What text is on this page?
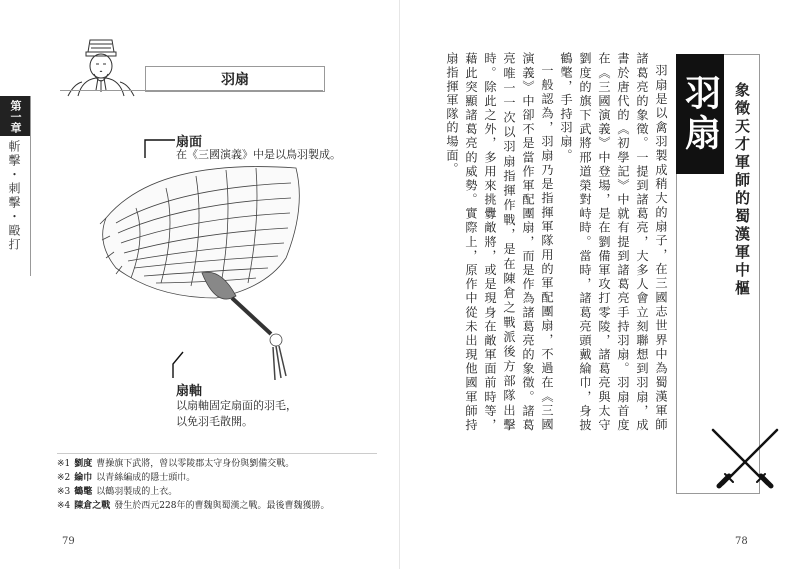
第一章
斬擊・刺擊・毆打
羽扇
扇面
在《三國演義》中是以鳥羽製成。
扇軸
以扇軸固定扇面的羽毛，以免羽毛散開。
※1 劉度 曹操旗下武將，曾以零陵郡太守身份與劉備交戰。
※2 綸巾 以青絲編成的隱士頭巾。
※3 鶴氅 以鶴羽製成的上衣。
※4 陳倉之戰 發生於西元228年的曹魏與蜀漢之戰。最後曹魏獲勝。
79
羽扇 象徵天才軍師的蜀漢軍中樞

羽扇是以禽羽製成稍大的扇子，在三國志世界中為蜀漢軍師諸葛亮的象徵。一提到諸葛亮，大多人會立刻聯想到羽扇，成書於唐代的《初學記》中就有提到諸葛亮手持羽扇。羽扇首度在《三國演義》中登場，是在劉備軍攻打零陵，諸葛亮與太守劉度的旗下武將邢道榮對峙時。當時，諸葛亮頭戴綸巾，身披鶴氅，手持羽扇。

一般認為，羽扇乃是指揮軍隊用的軍配團扇，不過在《三國演義》中卻不是當作軍配團扇，而是作為諸葛亮的象徵。諸葛亮唯一一次以羽扇指揮作戰，是在陳倉之戰派後方部隊出擊時。除此之外，多用來挑釁敵將，或是現身在敵軍面前時等，藉此突顯諸葛亮的威勢。實際上，原作中從未出現他國軍師持扇指揮軍隊的場面。

78
